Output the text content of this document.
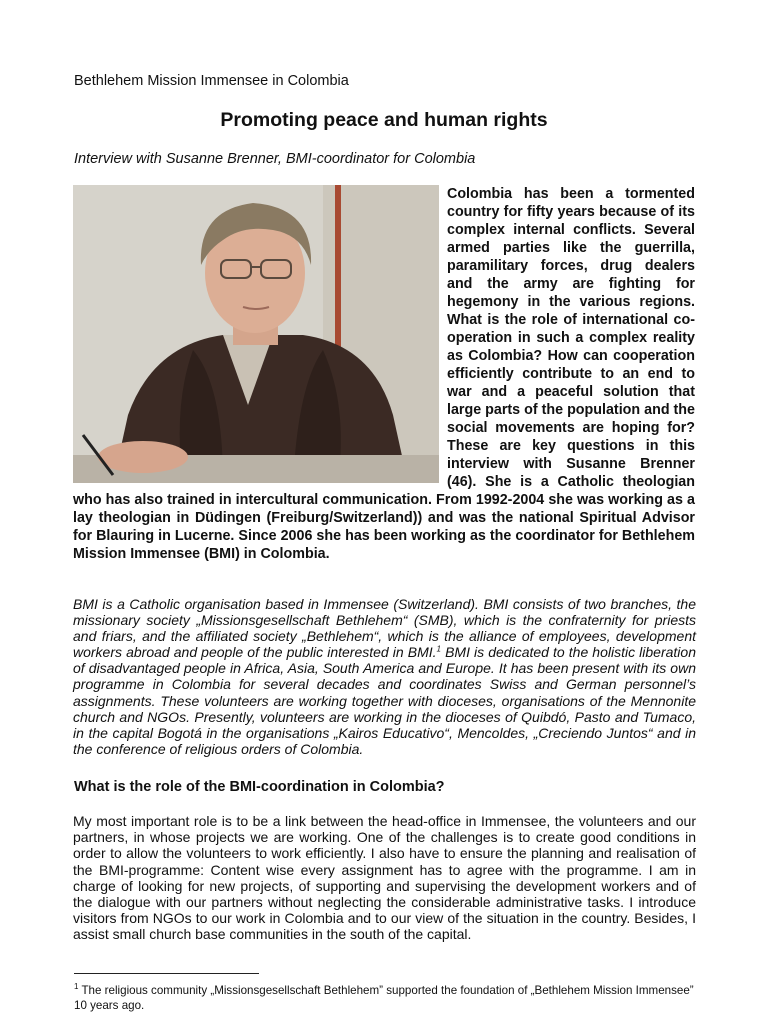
Bethlehem Mission Immensee in Colombia
Promoting peace and human rights
Interview with Susanne Brenner, BMI-coordinator for Colombia
Colombia has been a tormented country for fifty years because of its complex internal conflicts. Several armed parties like the guerrilla, paramilitary forces, drug dealers and the army are fighting for hegemony in the various regions. What is the role of international co-operation in such a complex reality as Colombia? How can cooperation efficiently contribute to an end to war and a peaceful solution that large parts of the population and the social movements are hoping for? These are key questions in this interview with Susanne Brenner (46). She is a Catholic theologian who has also trained in intercultural communication. From 1992-2004 she was working as a lay theologian in Düdingen (Freiburg/Switzerland)) and was the national Spiritual Advisor for Blauring in Lucerne. Since 2006 she has been working as the coordinator for Bethlehem Mission Immensee (BMI) in Colombia.

BMI is a Catholic organisation based in Immensee (Switzerland). BMI consists of two branches, the missionary society „Missionsgesellschaft Bethlehem“ (SMB), which is the confraternity for priests and friars, and the affiliated society „Bethlehem“, which is the alliance of employees, development workers abroad and people of the public interested in BMI.$^1$ BMI is dedicated to the holistic liberation of disadvantaged people in Africa, Asia, South America and Europe. It has been present with its own programme in Colombia for several decades and coordinates Swiss and German personnel’s assignments. These volunteers are working together with dioceses, organisations of the Mennonite church and NGOs. Presently, volunteers are working in the dioceses of Quibdó, Pasto and Tumaco, in the capital Bogotá in the organisations „Kairos Educativo“, Mencoldes, „Creciendo Juntos“ and in the conference of religious orders of Colombia.

What is the role of the BMI-coordination in Colombia?

My most important role is to be a link between the head-office in Immensee, the volunteers and our partners, in whose projects we are working. One of the challenges is to create good conditions in order to allow the volunteers to work efficiently. I also have to ensure the planning and realisation of the BMI-programme: Content wise every assignment has to agree with the programme. I am in charge of looking for new projects, of supporting and supervising the development workers and of the dialogue with our partners without neglecting the considerable administrative tasks. I introduce visitors from NGOs to our work in Colombia and to our view of the situation in the country. Besides, I assist small church base communities in the south of the capital.

$^1$ The religious community „Missionsgesellschaft Bethlehem” supported the foundation of „Bethlehem Mission Immensee” 10 years ago.
